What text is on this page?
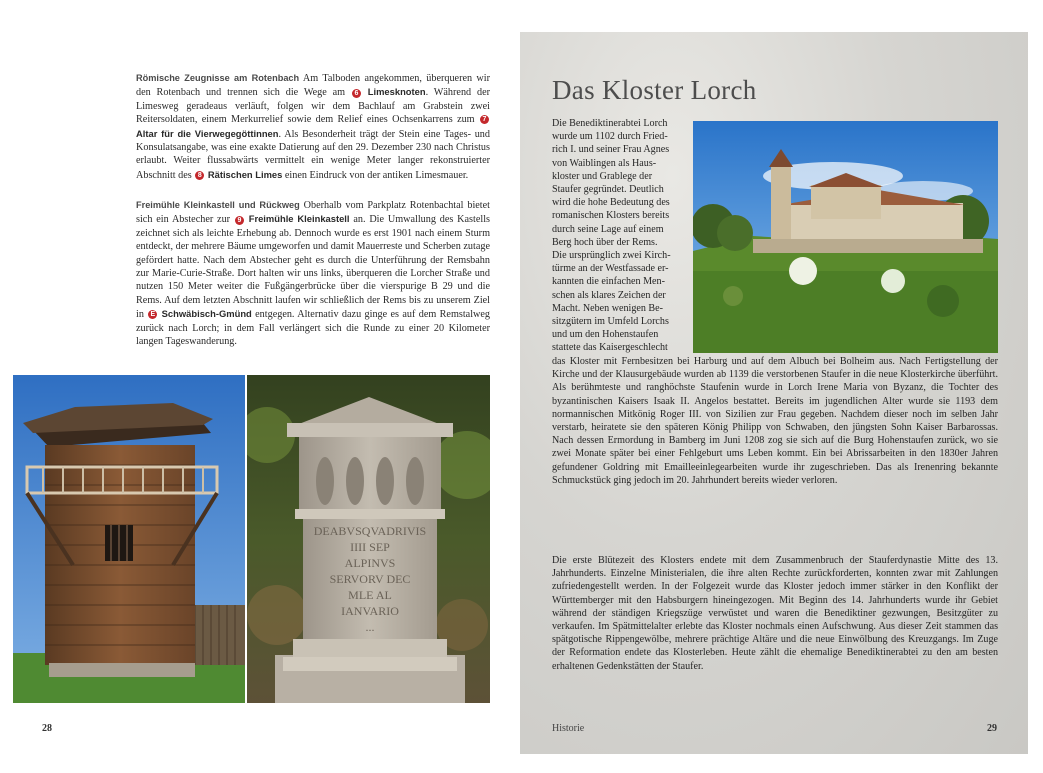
Römische Zeugnisse am Rotenbach Am Talboden angekommen, überqueren wir den Rotenbach und trennen sich die Wege am 6 Limesknoten. Während der Limesweg geradeaus verläuft, folgen wir dem Bachlauf am Grabstein zwei Reitersoldaten, einem Merkurrelief sowie dem Relief eines Ochsenkarrens zum 7 Altar für die Vierwegegöttinnen. Als Besonderheit trägt der Stein eine Tages- und Konsulatsangabe, was eine exakte Datierung auf den 29. Dezember 230 nach Christus erlaubt. Weiter flussabwärts vermittelt ein wenige Meter langer rekonstruierter Abschnitt des 8 Rätischen Limes einen Eindruck von der antiken Limesmauer.

Freimühle Kleinkastell und Rückweg Oberhalb vom Parkplatz Rotenbachtal bietet sich ein Abstecher zur 9 Freimühle Kleinkastell an. Die Umwallung des Kastells zeichnet sich als leichte Erhebung ab. Dennoch wurde es erst 1901 nach einem Sturm entdeckt, der mehrere Bäume umgeworfen und damit Mauerreste und Scherben zutage gefördert hatte. Nach dem Abstecher geht es durch die Unterführung der Remsbahn zur Marie-Curie-Straße. Dort halten wir uns links, überqueren die Lorcher Straße und nutzen 150 Meter weiter die Fußgängerbrücke über die vierspurige B 29 und die Rems. Auf dem letzten Abschnitt laufen wir schließlich der Rems bis zu unserem Ziel in E Schwäbisch-Gmünd entgegen. Alternativ dazu ginge es auf dem Remstalweg zurück nach Lorch; in dem Fall verlängert sich die Runde zu einer 20 Kilometer langen Tageswanderung.

DEABVSQVADRIVIS
IIII SEP
ALPINVS
SERVORV DEC
MLE AL
IANVARIO
...
28
Das Kloster Lorch
Die Benediktinerabtei Lorch
wurde um 1102 durch Fried-
rich I. und seiner Frau Agnes
von Waiblingen als Haus-
kloster und Grablege der
Staufer gegründet. Deutlich
wird die hohe Bedeutung des
romanischen Klosters bereits
durch seine Lage auf einem
Berg hoch über der Rems.
Die ursprünglich zwei Kirch-
türme an der Westfassade er-
kannten die einfachen Men-
schen als klares Zeichen der
Macht. Neben wenigen Be-
sitzgütern im Umfeld Lorchs
und um den Hohenstaufen
stattete das Kaisergeschlecht

das Kloster mit Fernbesitzen bei Harburg und auf dem Albuch bei Bolheim aus. Nach Fertigstellung der Kirche und der Klausurgebäude wurden ab 1139 die verstorbenen Staufer in die neue Klosterkirche überführt. Als berühmteste und ranghöchste Staufenin wurde in Lorch Irene Maria von Byzanz, die Tochter des byzantinischen Kaisers Isaak II. Angelos bestattet. Bereits im jugendlichen Alter wurde sie 1193 dem normannischen Mitkönig Roger III. von Sizilien zur Frau gegeben. Nachdem dieser noch im selben Jahr verstarb, heiratete sie den späteren König Philipp von Schwaben, den jüngsten Sohn Kaiser Barbarossas. Nach dessen Ermordung in Bamberg im Juni 1208 zog sie sich auf die Burg Hohenstaufen zurück, wo sie zwei Monate später bei einer Fehlgeburt ums Leben kommt. Ein bei Abrissarbeiten in den 1830er Jahren gefundener Goldring mit Emailleeinlegearbeiten wurde ihr zugeschrieben. Das als Irenenring bekannte Schmuckstück ging jedoch im 20. Jahrhundert bereits wieder verloren.

Die erste Blütezeit des Klosters endete mit dem Zusammenbruch der Stauferdynastie Mitte des 13. Jahrhunderts. Einzelne Ministerialen, die ihre alten Rechte zurückforderten, konnten zwar mit Zahlungen zufriedengestellt werden. In der Folgezeit wurde das Kloster jedoch immer stärker in den Konflikt der Württemberger mit den Habsburgern hineingezogen. Mit Beginn des 14. Jahrhunderts wurde ihr Gebiet während der ständigen Kriegszüge verwüstet und waren die Benediktiner gezwungen, Besitzgüter zu verkaufen. Im Spätmittelalter erlebte das Kloster nochmals einen Aufschwung. Aus dieser Zeit stammen das spätgotische Rippengewölbe, mehrere prächtige Altäre und die neue Einwölbung des Kreuzgangs. Im Zuge der Reformation endete das Klosterleben. Heute zählt die ehemalige Benediktinerabtei zu den am besten erhaltenen Gedenkstätten der Staufer.

Historie	29
